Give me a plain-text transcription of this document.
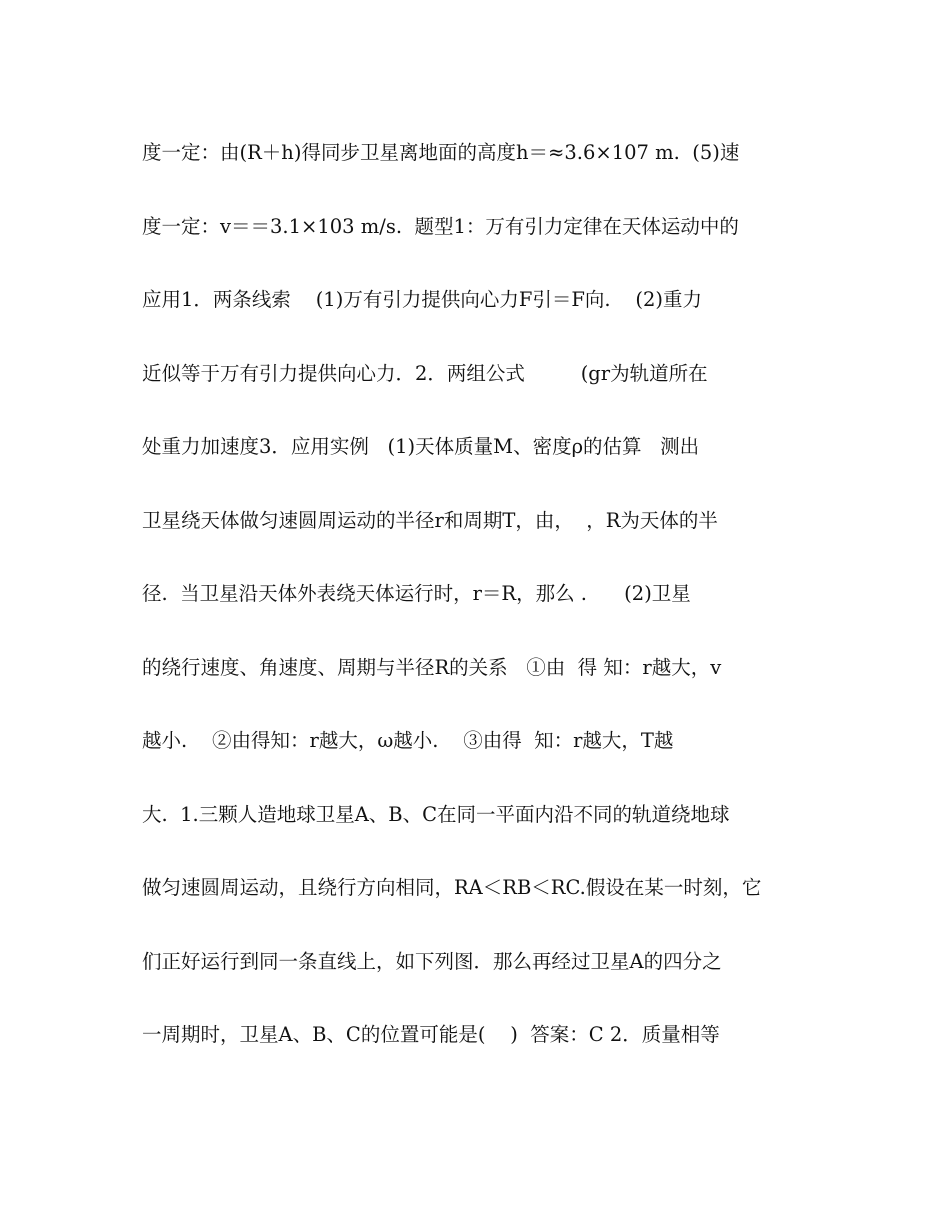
度一定：由(R＋h)得同步卫星离地面的高度h＝≈3.6×107 m.  (5)速
度一定：v＝＝3.1×103 m/s.  题型1：万有引力定律在天体运动中的
应用1．两条线索    (1)万有引力提供向心力F引＝F向.    (2)重力
近似等于万有引力提供向心力．2．两组公式         (gr为轨道所在
处重力加速度3．应用实例   (1)天体质量M、密度ρ的估算   测出
卫星绕天体做匀速圆周运动的半径r和周期T，由，  ，R为天体的半
径.  当卫星沿天体外表绕天体运行时，r＝R，那么 .      (2)卫星
的绕行速度、角速度、周期与半径R的关系   ①由  得 知：r越大，v
越小.    ②由得知：r越大，ω越小.    ③由得  知：r越大，T越
大.  1.三颗人造地球卫星A、B、C在同一平面内沿不同的轨道绕地球
做匀速圆周运动，且绕行方向相同，RA＜RB＜RC.假设在某一时刻，它
们正好运行到同一条直线上，如下列图．那么再经过卫星A的四分之
一周期时，卫星A、B、C的位置可能是(    )  答案：C 2．质量相等
